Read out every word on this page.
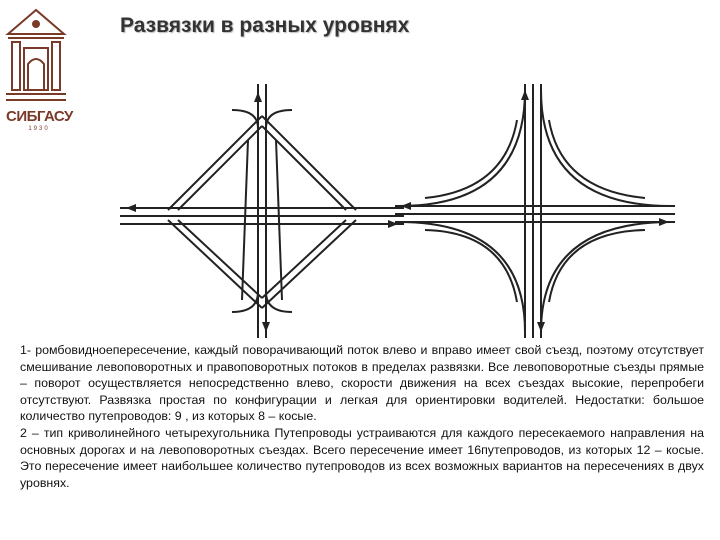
СИБГАСУ
1930
Развязки в разных уровнях

1- ромбовидноепересечение, каждый поворачивающий поток влево и вправо имеет свой съезд, поэтому отсутствует смешивание левоповоротных и правоповоротных потоков в пределах развязки. Все левоповоротные съезды прямые – поворот осуществляется непосредственно влево, скорости движения на всех съездах высокие, перепробеги отсутствуют. Развязка простая по конфигурации и легкая для ориентировки водителей. Недостатки: большое количество путепроводов: 9 , из которых 8 – косые.

2 – тип криволинейного четырехугольника Путепроводы устраиваются для каждого пересекаемого направления на основных дорогах и на левоповоротных съездах. Всего пересечение имеет 16путепроводов, из которых 12 – косые. Это пересечение имеет наибольшее количество путепроводов из всех возможных вариантов на пересечениях в двух уровнях.
